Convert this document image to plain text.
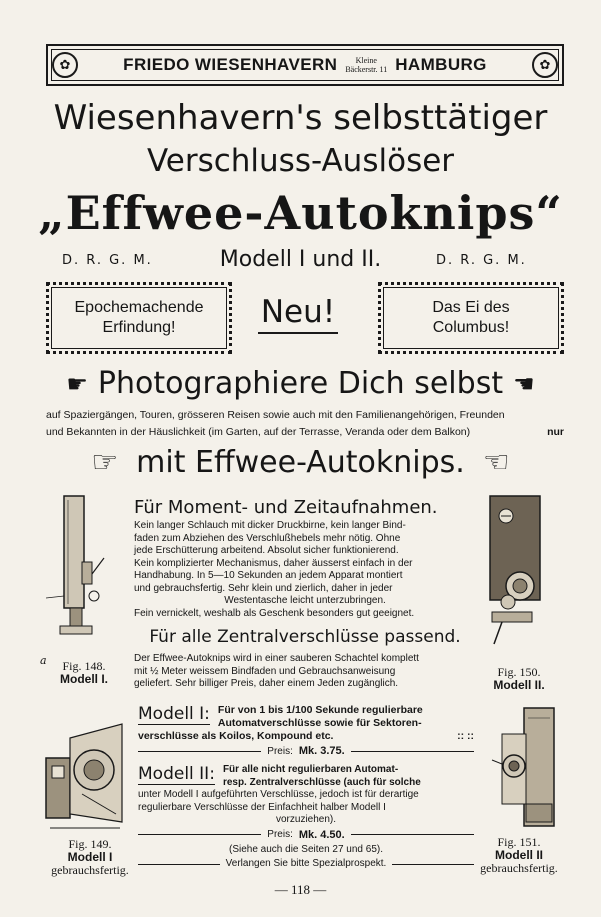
FRIEDO WIESENHAVERN	Kleine
Bäckerstr. 11 HAMBURG
✿	✿
Wiesenhavern's selbsttätiger
Verschluss-Auslöser
„Effwee-Autoknips“
D. R. G. M.	Modell I und II.	D. R. G. M.
Epochemachende
Erfindung!	Neu!	Das Ei des
Columbus!
☛ Photographiere Dich selbst ☚
auf Spaziergängen, Touren, grösseren Reisen sowie auch mit den Familienangehörigen, Freunden
und Bekannten in der Häuslichkeit (im Garten, auf der Terrasse, Veranda oder dem Balkon)	nur
☞ mit Effwee-Autoknips. ☜
a	Fig. 148.
Modell I.	Fig. 150.
Modell II.
Für Moment- und Zeitaufnahmen.
Kein langer Schlauch mit dicker Druckbirne, kein langer Bind-
faden zum Abziehen des Verschlußhebels mehr nötig. Ohne
jede Erschütterung arbeitend. Absolut sicher funktionierend.
Kein komplizierter Mechanismus, daher äusserst einfach in der
Handhabung. In 5—10 Sekunden an jedem Apparat montiert
und gebrauchsfertig. Sehr klein und zierlich, daher in jeder
Westentasche leicht unterzubringen.
Fein vernickelt, weshalb als Geschenk besonders gut geeignet.
Für alle Zentralverschlüsse passend.
Der Effwee-Autoknips wird in einer sauberen Schachtel komplett
mit ½ Meter weissem Bindfaden und Gebrauchsanweisung
geliefert. Sehr billiger Preis, daher einem Jeden zugänglich.
Fig. 149.
Modell I
gebrauchsfertig.
Fig. 151.
Modell II
gebrauchsfertig.
Modell I: Für von 1 bis 1/100 Sekunde regulierbare
Automatverschlüsse sowie für Sektoren-
verschlüsse als Koilos, Kompound etc.	:: ::
Preis: Mk. 3.75.
Modell II: Für alle nicht regulierbaren Automat-
resp. Zentralverschlüsse (auch für solche
unter Modell I aufgeführten Verschlüsse, jedoch ist für derartige
regulierbare Verschlüsse der Einfachheit halber Modell I
vorzuziehen).
Preis: Mk. 4.50.
(Siehe auch die Seiten 27 und 65).
Verlangen Sie bitte Spezialprospekt.
— 118 —
